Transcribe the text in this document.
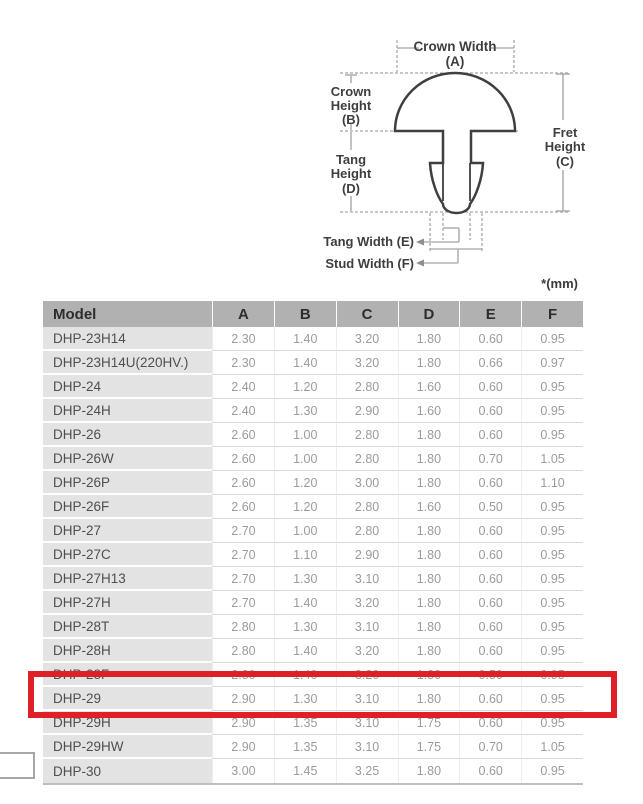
Crown Width
(A)
Crown
Height
(B)
Tang
Height
(D)
Fret
Height
(C)
Tang Width (E)
Stud Width (F)
*(mm)
Model	A	B	C	D	E	F
DHP-23H14	2.30	1.40	3.20	1.80	0.60	0.95
DHP-23H14U(220HV.)	2.30	1.40	3.20	1.80	0.66	0.97
DHP-24	2.40	1.20	2.80	1.60	0.60	0.95
DHP-24H	2.40	1.30	2.90	1.60	0.60	0.95
DHP-26	2.60	1.00	2.80	1.80	0.60	0.95
DHP-26W	2.60	1.00	2.80	1.80	0.70	1.05
DHP-26P	2.60	1.20	3.00	1.80	0.60	1.10
DHP-26F	2.60	1.20	2.80	1.60	0.50	0.95
DHP-27	2.70	1.00	2.80	1.80	0.60	0.95
DHP-27C	2.70	1.10	2.90	1.80	0.60	0.95
DHP-27H13	2.70	1.30	3.10	1.80	0.60	0.95
DHP-27H	2.70	1.40	3.20	1.80	0.60	0.95
DHP-28T	2.80	1.30	3.10	1.80	0.60	0.95
DHP-28H	2.80	1.40	3.20	1.80	0.60	0.95
DHP-28F	2.80	1.40	3.20	1.80	0.50	0.95
DHP-29	2.90	1.30	3.10	1.80	0.60	0.95
DHP-29H	2.90	1.35	3.10	1.75	0.60	0.95
DHP-29HW	2.90	1.35	3.10	1.75	0.70	1.05
DHP-30	3.00	1.45	3.25	1.80	0.60	0.95
